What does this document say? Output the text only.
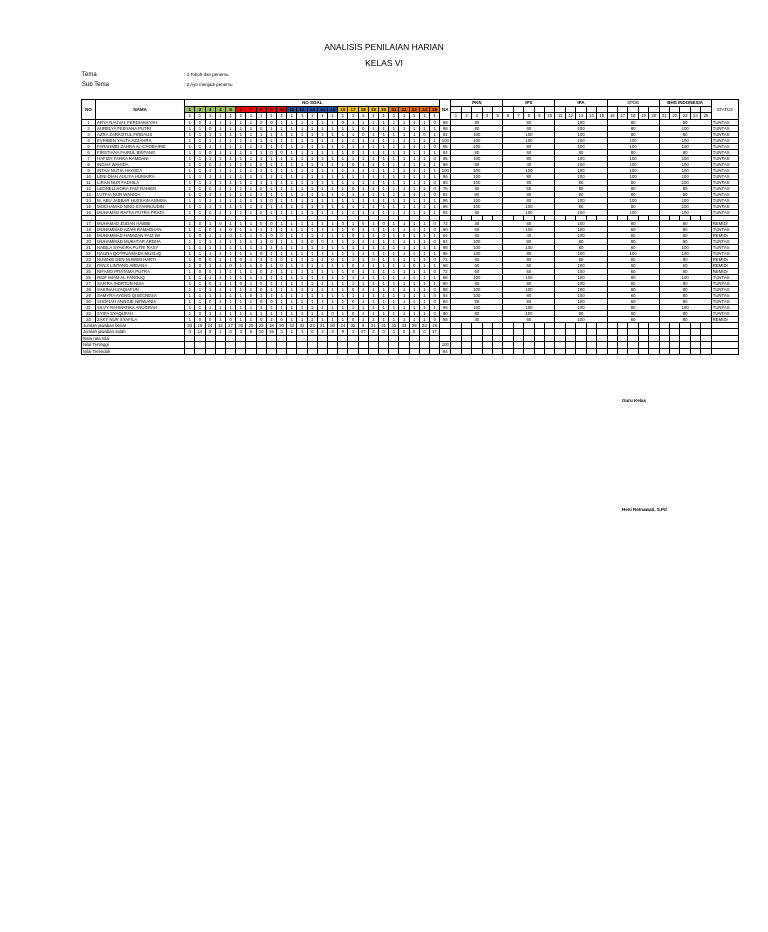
ANALISIS PENILAIAN HARIAN
KELAS VI
Tema	: 3.Tokoh dan penemu
Sub Tema	: 3.Ayo menjadi penemu
NO	NAMA	NO SOAL																									NA	PKN					IPS					IPA					SPDB					BHS INDONESIA					STATUS
		1	2	3	4	5	6	7	8	9	10	11	12	13	14	15	16	17	18	19	20	21	22	23	24	25																											
		1	1	1	1	1	1	1	1	1	1	1	1	1	1	1	1	1	1	1	1	1	1	1	1	1		1	2	3	4	5	6	7	8	9	10	11	12	13	14	15	16	17	18	19	20	21	22	23	24	25	
1	ARYA NAUVAL FERDIANSYAH	1	0	1	1	1	1	1	0	0	1	1	1	1	1	1	0	1	1	1	1	1	1	1	1	0	88	80					60					100					80					80					TUNTAS
2	AURELYA FEBYANA PUTRI	1	1	0	1	1	1	1	0	1	1	1	1	1	1	1	1	1	0	1	1	1	1	1	1	1	88	80					60					100					80					100					TUNTAS
3	AZRA ZARKOTUL FIRDAUS	1	1	1	1	1	1	1	1	1	1	1	1	1	1	1	1	1	0	1	1	1	1	1	0	1	92	100					100					100					80					80					TUNTAS
4	EVRIBEN YAUTA AZZAHRA	1	1	1	1	1	1	1	1	1	1	1	1	1	1	1	1	1	1	1	1	1	1	1	1	1	100	100					100					100					100					100					TUNTAS
5	FARAHMID ZAHRA AL-CHOBAIRIE	1	1	1	1	1	1	1	1	1	1	1	1	1	1	1	1	1	1	1	1	1	1	1	1	0	96	100					80					100					100					100					TUNTAS
6	FIRSTIANA FAIRUL BINTANG	1	1	0	1	1	1	1	1	0	0	1	1	1	1	1	1	0	1	1	1	1	1	1	1	1	84	80					60					80					80					80					TUNTAS
7	HAFIZH FARKA RAMDANI	1	1	1	1	1	1	1	1	1	1	1	1	1	1	1	1	1	1	1	1	1	1	1	1	0	96	100					80					100					100					100					TUNTAS
8	INDAH WAHIDA	1	1	0	1	1	1	1	0	1	1	1	1	1	1	1	1	0	1	1	1	1	1	1	1	1	88	80					40					100					100					100					TUNTAS
9	INTAN NUTIA HAYDEA	1	1	1	1	1	1	1	1	1	1	1	1	1	1	1	1	1	1	1	1	1	1	1	1	1	100	100					100					100					100					100					TUNTAS
10	LENI DIAH AULIYA HUMAIRA	1	1	1	1	1	1	1	1	1	1	1	1	1	1	1	1	1	1	1	1	1	1	1	1	1	96	100					80					100					100					100					TUNTAS
11	LIRAN NUR FADHILA	1	1	1	1	1	1	1	1	1	1	1	1	1	1	1	1	1	1	1	1	1	1	1	1	0	88	100					80					80					80					100					TUNTAS
12	LEONELLNORA FAIZ RAHIER	1	1	0	1	1	1	1	0	1	1	1	1	1	1	1	1	0	1	1	1	1	1	1	1	0	76	60					60					80					80					80					TUNTAS
13	LUTFIA NUR WAHIDA	1	1	1	1	1	1	1	1	1	1	1	1	1	1	1	1	1	1	1	1	1	1	1	1	0	84	80					80					80					80					80					TUNTAS
14	M. ABU JABBAR HUSSAIN ANNISA	1	1	1	1	1	1	1	1	0	1	1	1	1	1	1	1	1	1	1	1	1	1	1	1	1	96	100					80					100					100					100					TUNTAS
15	MOCHAMAD NINO SYAHRIJUDIN	1	1	1	1	1	1	1	1	1	1	1	1	1	1	1	1	1	1	1	1	1	1	1	1	1	96	100					100					80					80					100					TUNTAS
16	MUHAMAD RAFFA PUTRA PRATA	1	1	0	1	1	1	1	0	1	1	1	1	1	1	1	1	1	1	1	1	1	1	1	1	1	92	60					100					100					100					100					TUNTAS

17	MUHAMAD ZUDAN HABIBI	1	0	1	0	1	1	1	0	0	1	1	1	1	1	1	0	1	0	1	0	1	1	1	1	0	72	40					60					100					80					80					REMIDI
18	MUHAMMAD AZAM RAMADHAN	1	1	0	1	0	1	1	1	1	1	1	1	1	1	1	1	0	1	1	1	1	1	1	1	0	80	60					100					100					60					80					TUNTAS
19	MUHAMMAD HAMIZAN FAIZ WI	1	0	1	1	0	1	1	0	0	0	1	1	1	1	1	1	0	1	1	0	1	0	1	1	1	64	60					40					100					60					60					REMIDI
20	MUHAMMAD MUKHTAR ARDHA	1	1	1	1	1	1	1	1	0	1	1	1	0	0	1	1	1	1	1	1	1	1	1	1	0	84	100					80					80					80					80					TUNTAS
21	NABILA SYAKIRA PUTRI RASY	1	1	1	1	1	1	1	1	1	1	1	1	1	1	1	1	1	1	1	1	1	1	1	1	1	88	100					100					80					60					100					TUNTAS
22	NAURA QOTRUNNADA MUSLIQ	1	1	1	1	1	1	1	0	1	1	1	1	1	1	1	1	1	1	1	1	1	1	1	1	1	96	100					80					100					100					100					TUNTAS
23	NUWIKE DEN NUWIMI HARTI	1	0	0	1	1	0	1	1	1	0	1	1	1	1	0	1	1	1	0	1	1	1	1	1	0	72	60					80					80					60					80					REMIDI
24	PANJI LINTANG ARDANA	1	0	1	1	0	1	1	0	1	0	1	1	1	1	1	1	0	1	1	1	1	1	0	1	1	68	60					60					100					60					60					REMIDI
25	RIFANO PRATAMA PUTRA	1	0	0	1	1	1	1	0	1	1	1	1	1	1	1	1	0	1	1	1	1	1	1	1	0	72	60					60					100					60					80					REMIDI
26	RIDF IMAM AL FAROUQ	1	1	1	1	1	1	1	1	1	1	1	1	1	1	1	1	1	1	1	1	1	1	1	1	1	96	100					100					100					80					100					TUNTAS
27	SAFIRA INDRTUN NISA	1	1	0	1	1	0	1	0	1	1	1	1	1	1	1	1	1	1	1	1	1	1	1	1	1	80	60					60					100					60					80					TUNTAS
28	SAKINAH ZAQIAFUN	1	1	1	1	1	1	1	0	1	1	1	1	1	1	1	1	0	1	1	1	1	1	1	1	0	88	100					100					100					80					80					TUNTAS
29	SAMYRA AYENG QISECNESA	1	1	1	1	1	1	0	1	1	1	1	1	1	1	1	1	1	1	1	1	1	1	1	1	0	84	100					80					100					80					80					TUNTAS
30	SHOFIAH ANGGIE NIRWANIA	1	1	0	1	1	1	1	0	0	1	1	1	1	1	1	1	0	1	1	1	1	1	1	1	0	80	80					60					100					60					80					TUNTAS
31	SILVY RAHMATIKA ANUGRAH	1	1	1	1	1	1	1	1	1	1	1	1	1	1	1	1	1	1	1	1	1	1	1	1	1	96	100					100					100					80					100					TUNTAS
32	SYIFA SYAQUFAH	1	0	1	1	1	1	1	1	1	1	1	1	1	1	0	1	0	1	1	1	1	1	1	1	0	80	80					100					80					60					80					TUNTAS
33	ZAKY NUR SYAFILA	1	0	0	1	0	1	1	0	1	0	1	1	1	1	1	1	0	1	1	1	1	1	1	1	0	68	40					60					100					60					80					REMIDI
Jumlah jawaban benar		33	19	24	32	27	30	25	23	18	30	32	32	33	31	30	24	32	6	31	31	32	33	28	33	16																											
Jumlah jawaban salah		0	14	9	1	6	3	8	10	15	3	1	1	0	2	3	9	1	27	2	0	1	0	5	0	17																											
Rata rata nilai																																																					
Nilai Tertinggi																											100																										
Nilai Terendah																											64																										
Guru Kelas
Heni Retnawati, S.Pd
